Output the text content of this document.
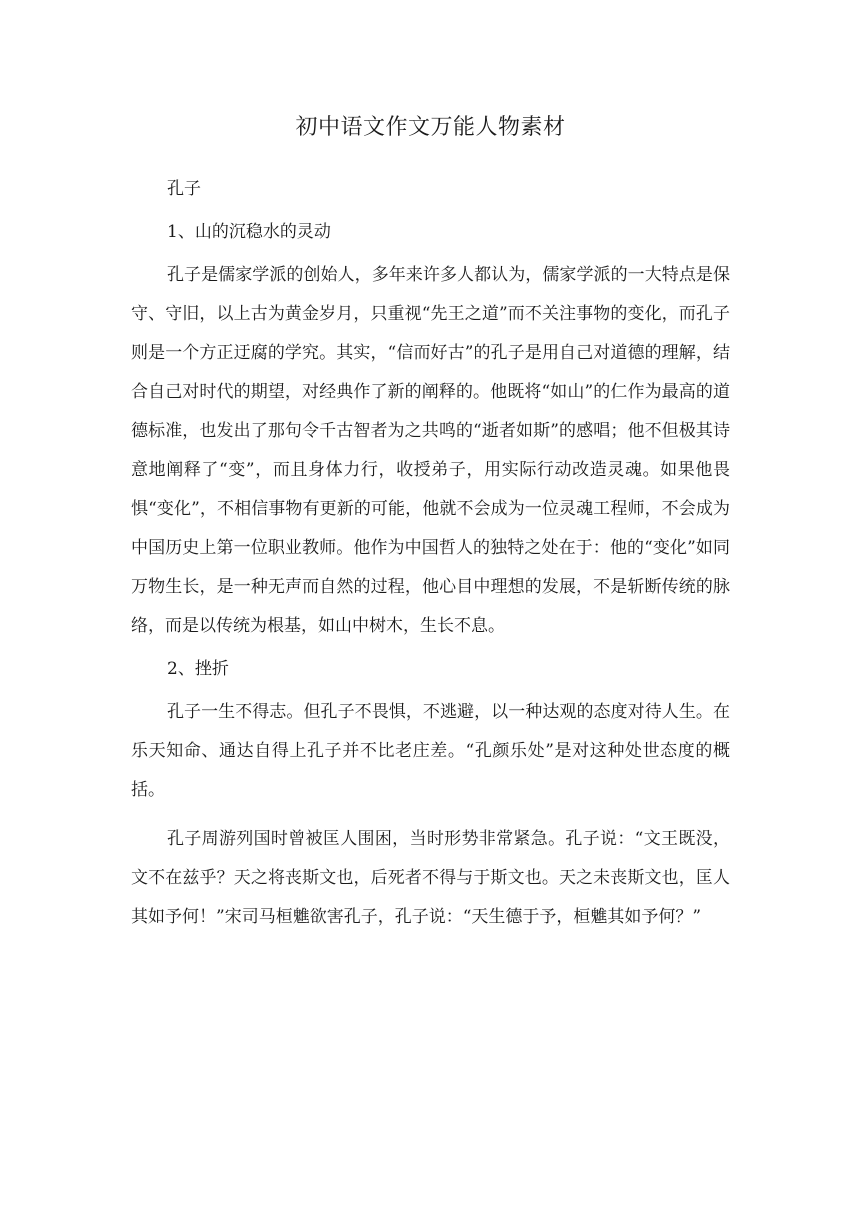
初中语文作文万能人物素材

孔子

1、山的沉稳水的灵动

孔子是儒家学派的创始人，多年来许多人都认为，儒家学派的一大特点是保守、守旧，以上古为黄金岁月，只重视“先王之道”而不关注事物的变化，而孔子则是一个方正迂腐的学究。其实，“信而好古”的孔子是用自己对道德的理解，结合自己对时代的期望，对经典作了新的阐释的。他既将“如山”的仁作为最高的道德标准，也发出了那句令千古智者为之共鸣的“逝者如斯”的感唱；他不但极其诗意地阐释了“变”，而且身体力行，收授弟子，用实际行动改造灵魂。如果他畏惧“变化”，不相信事物有更新的可能，他就不会成为一位灵魂工程师，不会成为中国历史上第一位职业教师。他作为中国哲人的独特之处在于：他的“变化”如同万物生长，是一种无声而自然的过程，他心目中理想的发展，不是斩断传统的脉络，而是以传统为根基，如山中树木，生长不息。

2、挫折

孔子一生不得志。但孔子不畏惧，不逃避，以一种达观的态度对待人生。在乐天知命、通达自得上孔子并不比老庄差。“孔颜乐处”是对这种处世态度的概括。

孔子周游列国时曾被匡人围困，当时形势非常紧急。孔子说：“文王既没，文不在兹乎？天之将丧斯文也，后死者不得与于斯文也。天之未丧斯文也，匡人其如予何！”宋司马桓魋欲害孔子，孔子说：“天生德于予，桓魋其如予何？”
